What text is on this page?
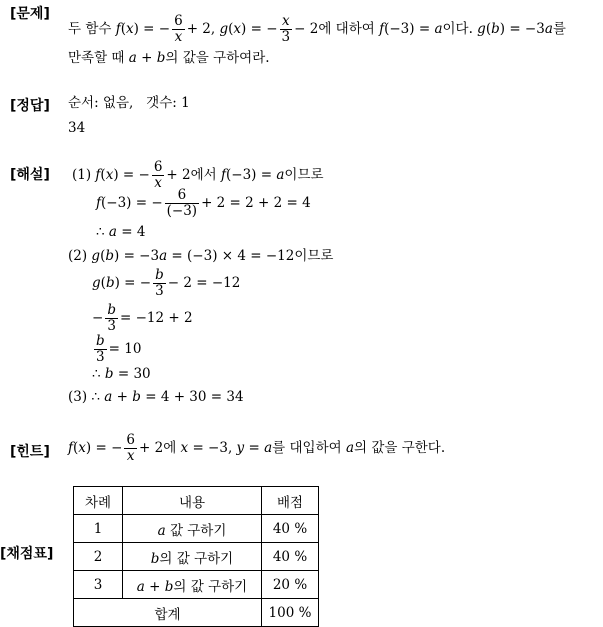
[문제]
[정답]
[해설]
[힌트]
[채점표]
두 함수 f(x) = − $\frac{6}{x} + 2$, g(x) = − $\frac{x}{3} - 2$에 대하여 f(−3) = a이다. g(b) = −3a를
만족할 때 a + b의 값을 구하여라.
순서: 없음, 갯수: 1
34
(1) f(x) = − $\frac{6}{x} + 2$에서 f(−3) = a이므로
f(−3) = − $\frac{6}{(-3)} + 2 = 2 + 2 = 4$
∴ a = 4
(2) g(b) = −3a = (−3) × 4 = −12이므로
g(b) = − $\frac{b}{3} - 2 = -12$
− $\frac{b}{3} = -12 + 2$
$\frac{b}{3} = 10$
∴ b = 30
(3) ∴ a + b = 4 + 30 = 34
f(x) = − $\frac{6}{x} + 2$에 x = −3, y = a를 대입하여 a의 값을 구한다.
차례	내용	배점
1	a 값 구하기	40 %
2	b의 값 구하기	40 %
3	a + b의 값 구하기	20 %
합계		100 %
